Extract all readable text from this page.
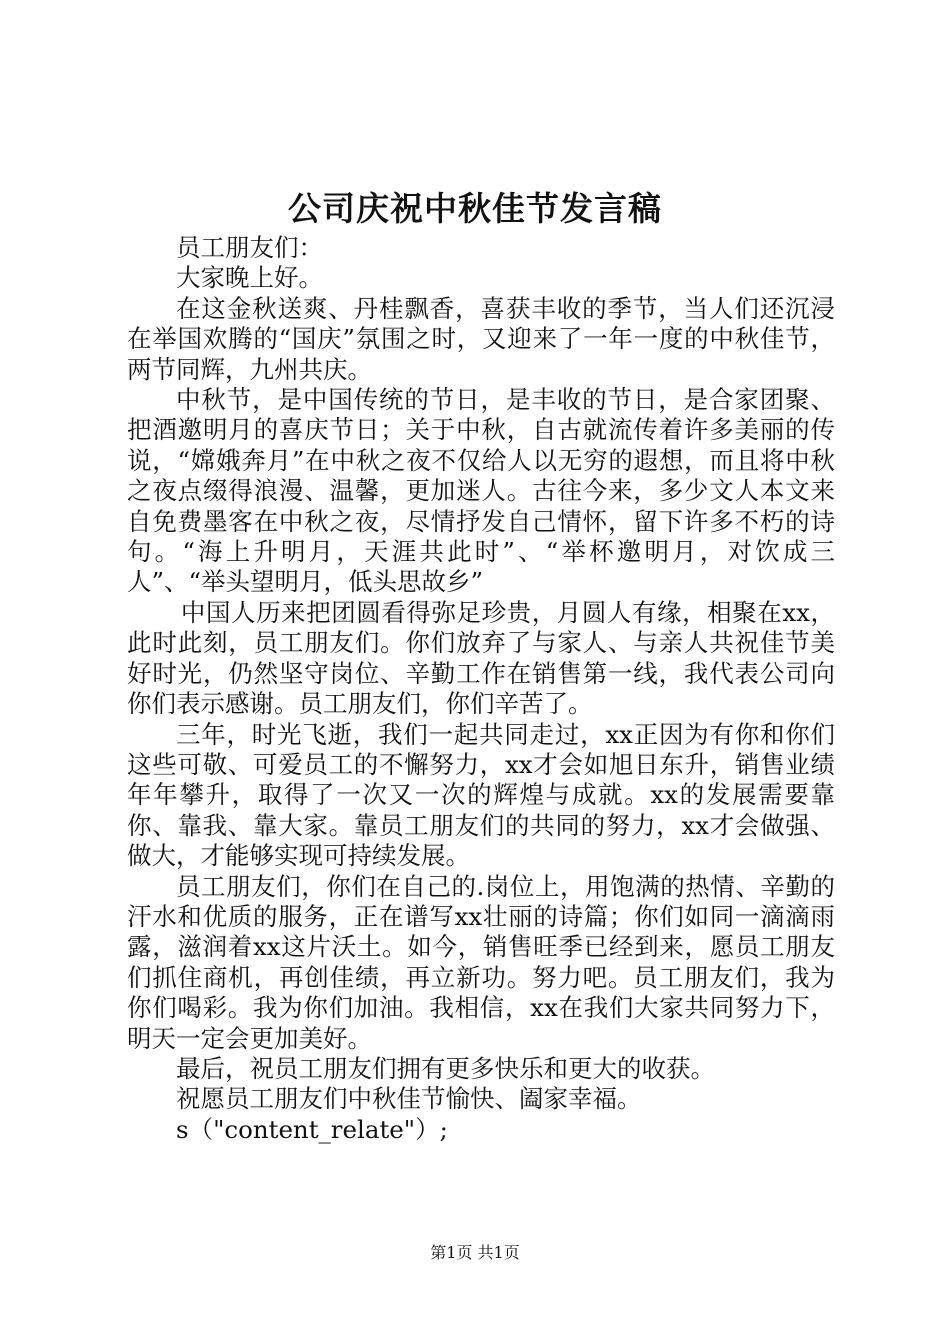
公司庆祝中秋佳节发言稿

员工朋友们：

大家晚上好。

在这金秋送爽、丹桂飘香，喜获丰收的季节，当人们还沉浸在举国欢腾的“国庆”氛围之时，又迎来了一年一度的中秋佳节，两节同辉，九州共庆。

中秋节，是中国传统的节日，是丰收的节日，是合家团聚、把酒邀明月的喜庆节日；关于中秋，自古就流传着许多美丽的传说，“嫦娥奔月”在中秋之夜不仅给人以无穷的遐想，而且将中秋之夜点缀得浪漫、温馨，更加迷人。古往今来，多少文人本文来自免费墨客在中秋之夜，尽情抒发自己情怀，留下许多不朽的诗句。“海上升明月，天涯共此时”、“举杯邀明月，对饮成三人”、“举头望明月，低头思故乡”

中国人历来把团圆看得弥足珍贵，月圆人有缘，相聚在xx，此时此刻，员工朋友们。你们放弃了与家人、与亲人共祝佳节美好时光，仍然坚守岗位、辛勤工作在销售第一线，我代表公司向你们表示感谢。员工朋友们，你们辛苦了。

三年，时光飞逝，我们一起共同走过，xx正因为有你和你们这些可敬、可爱员工的不懈努力，xx才会如旭日东升，销售业绩年年攀升，取得了一次又一次的辉煌与成就。xx的发展需要靠你、靠我、靠大家。靠员工朋友们的共同的努力，xx才会做强、做大，才能够实现可持续发展。

员工朋友们，你们在自己的.岗位上，用饱满的热情、辛勤的汗水和优质的服务，正在谱写xx壮丽的诗篇；你们如同一滴滴雨露，滋润着xx这片沃土。如今，销售旺季已经到来，愿员工朋友们抓住商机，再创佳绩，再立新功。努力吧。员工朋友们，我为你们喝彩。我为你们加油。我相信，xx在我们大家共同努力下，明天一定会更加美好。

最后，祝员工朋友们拥有更多快乐和更大的收获。

祝愿员工朋友们中秋佳节愉快、阖家幸福。

s（"content_relate"）;

第1页 共1页
